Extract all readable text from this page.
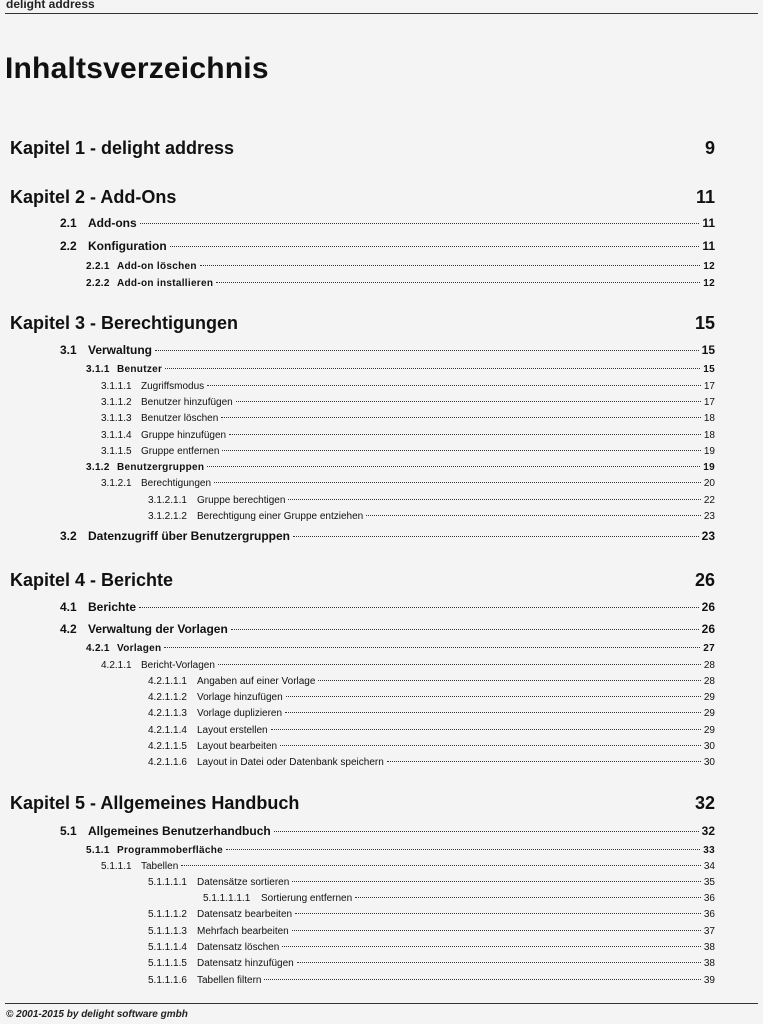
delight address
Inhaltsverzeichnis
Kapitel 1 - delight address	9
Kapitel 2 - Add-Ons	11
2.1 Add-ons	11
2.2 Konfiguration	11
2.2.1 Add-on löschen	12
2.2.2 Add-on installieren	12
Kapitel 3 - Berechtigungen	15
3.1 Verwaltung	15
3.1.1 Benutzer	15
3.1.1.1 Zugriffsmodus	17
3.1.1.2 Benutzer hinzufügen	17
3.1.1.3 Benutzer löschen	18
3.1.1.4 Gruppe hinzufügen	18
3.1.1.5 Gruppe entfernen	19
3.1.2 Benutzergruppen	19
3.1.2.1 Berechtigungen	20
3.1.2.1.1	Gruppe berechtigen	22
3.1.2.1.2	Berechtigung einer Gruppe entziehen	23
3.2 Datenzugriff über Benutzergruppen	23
Kapitel 4 - Berichte	26
4.1 Berichte	26
4.2 Verwaltung der Vorlagen	26
4.2.1 Vorlagen	27
4.2.1.1 Bericht-Vorlagen	28
4.2.1.1.1	Angaben auf einer Vorlage	28
4.2.1.1.2	Vorlage hinzufügen	29
4.2.1.1.3	Vorlage duplizieren	29
4.2.1.1.4	Layout erstellen	29
4.2.1.1.5	Layout bearbeiten	30
4.2.1.1.6	Layout in Datei oder Datenbank speichern	30
Kapitel 5 - Allgemeines Handbuch	32
5.1 Allgemeines Benutzerhandbuch	32
5.1.1 Programmoberfläche	33
5.1.1.1 Tabellen	34
5.1.1.1.1	Datensätze sortieren	35
5.1.1.1.1.1	Sortierung entfernen	36
5.1.1.1.2	Datensatz bearbeiten	36
5.1.1.1.3	Mehrfach bearbeiten	37
5.1.1.1.4	Datensatz löschen	38
5.1.1.1.5	Datensatz hinzufügen	38
5.1.1.1.6	Tabellen filtern	39
© 2001-2015 by delight software gmbh
